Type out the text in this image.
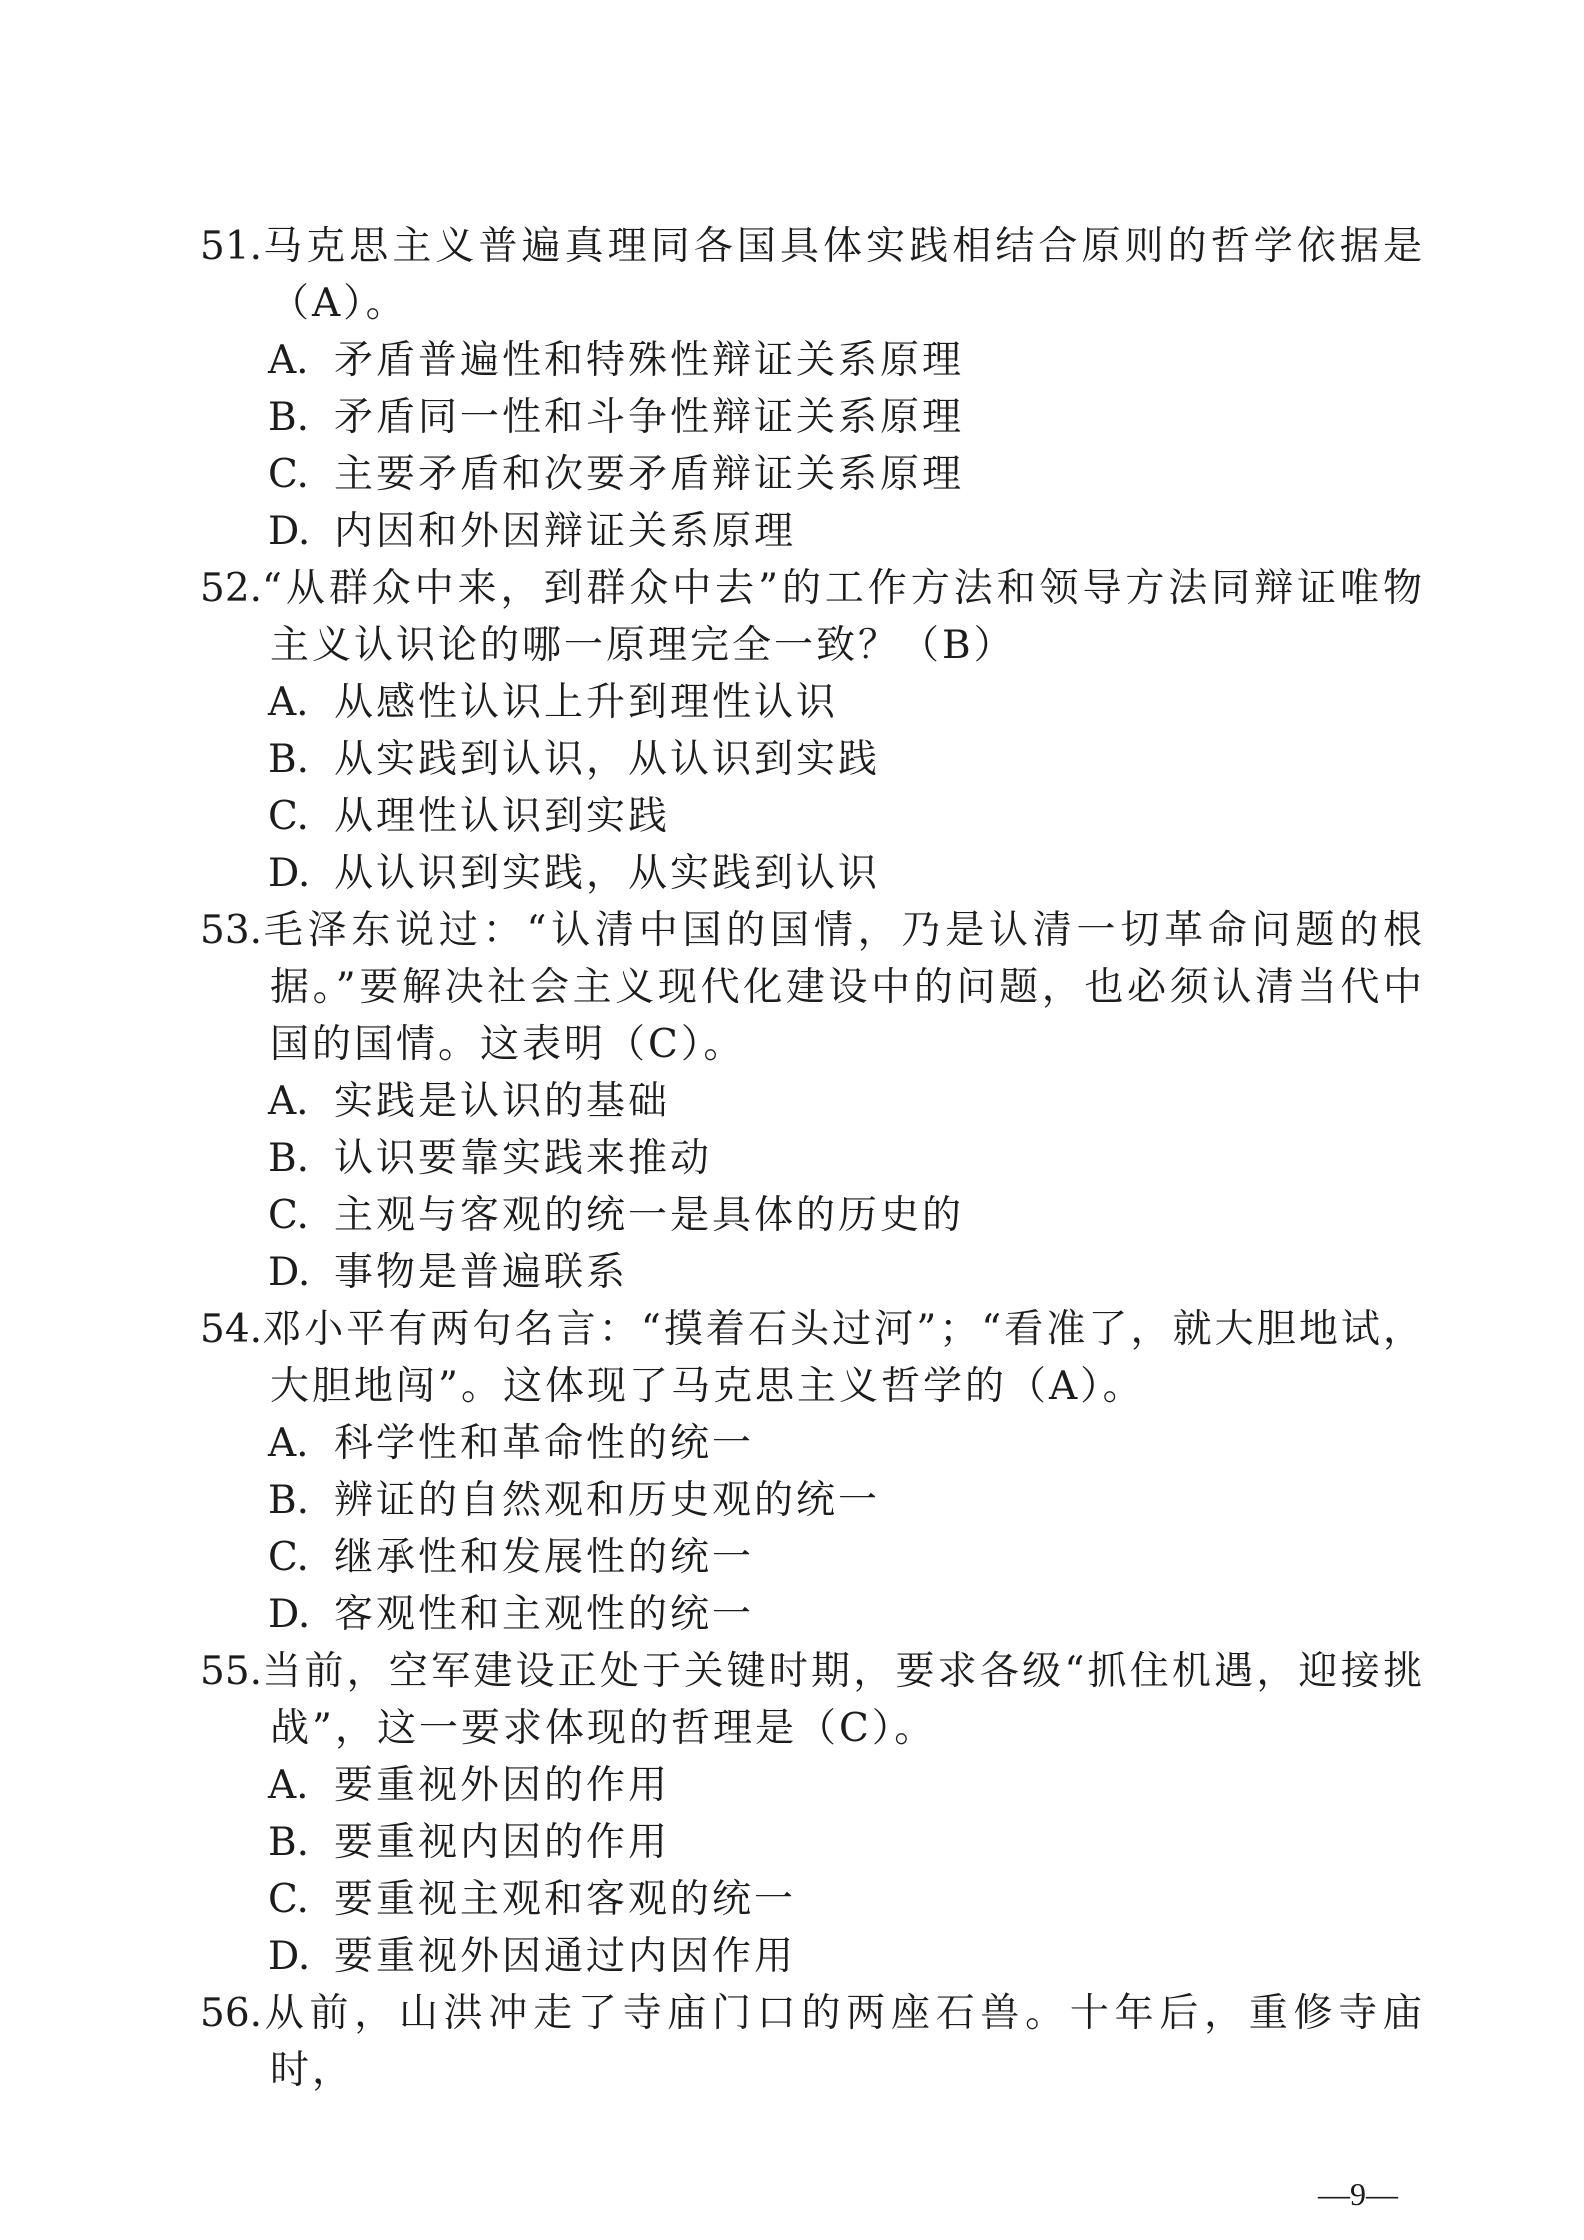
51.马克思主义普遍真理同各国具体实践相结合原则的哲学依据是（A）。
A. 矛盾普遍性和特殊性辩证关系原理
B. 矛盾同一性和斗争性辩证关系原理
C. 主要矛盾和次要矛盾辩证关系原理
D. 内因和外因辩证关系原理
52.“从群众中来，到群众中去”的工作方法和领导方法同辩证唯物主义认识论的哪一原理完全一致？（B）
A. 从感性认识上升到理性认识
B. 从实践到认识，从认识到实践
C. 从理性认识到实践
D. 从认识到实践，从实践到认识
53.毛泽东说过：“认清中国的国情，乃是认清一切革命问题的根据。”要解决社会主义现代化建设中的问题，也必须认清当代中国的国情。这表明（C）。
A. 实践是认识的基础
B. 认识要靠实践来推动
C. 主观与客观的统一是具体的历史的
D. 事物是普遍联系
54.邓小平有两句名言：“摸着石头过河”；“看准了，就大胆地试，大胆地闯”。这体现了马克思主义哲学的（A）。
A. 科学性和革命性的统一
B. 辨证的自然观和历史观的统一
C. 继承性和发展性的统一
D. 客观性和主观性的统一
55.当前，空军建设正处于关键时期，要求各级“抓住机遇，迎接挑战”，这一要求体现的哲理是（C）。
A. 要重视外因的作用
B. 要重视内因的作用
C. 要重视主观和客观的统一
D. 要重视外因通过内因作用
56.从前，山洪冲走了寺庙门口的两座石兽。十年后，重修寺庙时，
—9—
